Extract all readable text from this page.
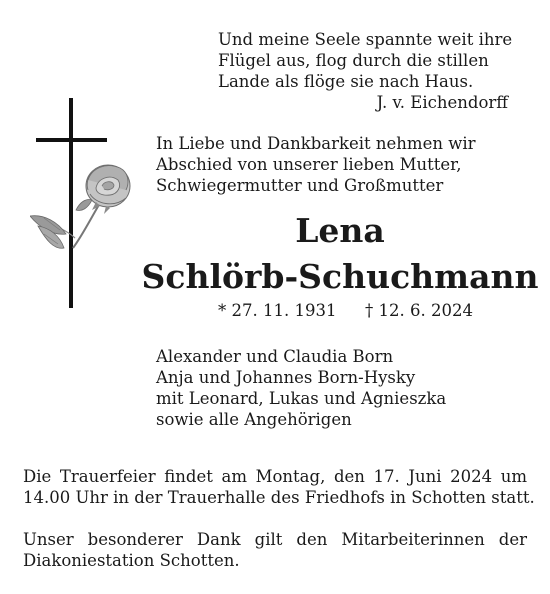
Und meine Seele spannte weit ihre
Flügel aus, flog durch die stillen
Lande als flöge sie nach Haus.
J. v. Eichendorff
In Liebe und Dankbarkeit nehmen wir
Abschied von unserer lieben Mutter,
Schwiegermutter und Großmutter
Lena
Schlörb-Schuchmann
* 27. 11. 1931 † 12. 6. 2024
Alexander und Claudia Born
Anja und Johannes Born-Hysky
mit Leonard, Lukas und Agnieszka
sowie alle Angehörigen
Die Trauerfeier findet am Montag, den 17. Juni 2024 um
14.00 Uhr in der Trauerhalle des Friedhofs in Schotten statt.
Unser besonderer Dank gilt den Mitarbeiterinnen der
Diakoniestation Schotten.
